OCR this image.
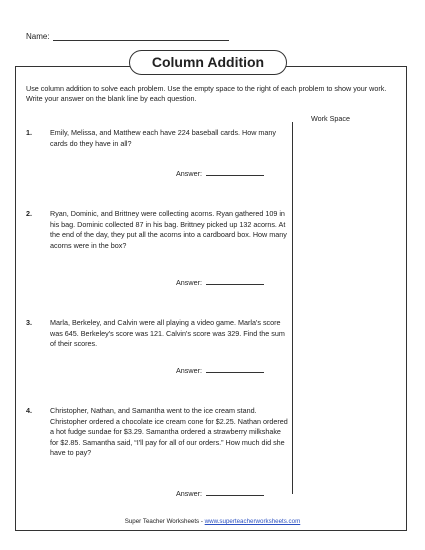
Name:
Column Addition
Use column addition to solve each problem. Use the empty space to the right of each problem to show your work. Write your answer on the blank line by each question.
Work Space
1.	Emily, Melissa, and Matthew each have 224 baseball cards. How many cards do they have in all?
Answer:
2.	Ryan, Dominic, and Brittney were collecting acorns. Ryan gathered 109 in his bag. Dominic collected 87 in his bag. Brittney picked up 132 acorns. At the end of the day, they put all the acorns into a cardboard box. How many acorns were in the box?
Answer:
3.	Marla, Berkeley, and Calvin were all playing a video game. Marla's score was 645. Berkeley's score was 121. Calvin's score was 329. Find the sum of their scores.
Answer:
4.	Christopher, Nathan, and Samantha went to the ice cream stand. Christopher ordered a chocolate ice cream cone for $2.25. Nathan ordered a hot fudge sundae for $3.29. Samantha ordered a strawberry milkshake for $2.85. Samantha said, “I'll pay for all of our orders.” How much did she have to pay?
Answer:
Super Teacher Worksheets - www.superteacherworksheets.com
